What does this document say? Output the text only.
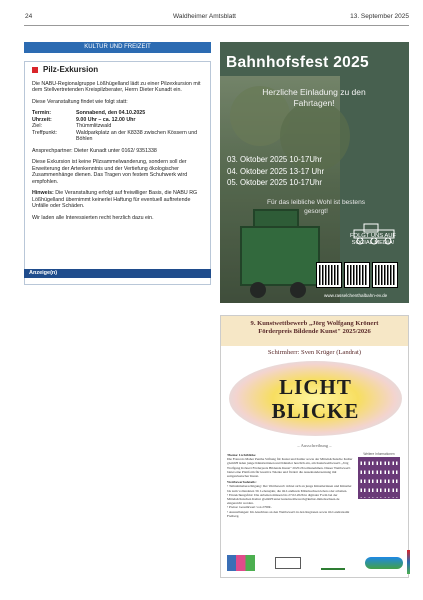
24	Waldheimer Amtsblatt	13. September 2025
KULTUR UND FREIZEIT
Pilz-Exkursion

Die NABU-Regionalgruppe Lößhügelland lädt zu einer Pilzexkursion mit dem Stellvertretenden Kreispilzberater, Herrn Dieter Kunadt ein.

Diese Veranstaltung findet wie folgt statt:

Termin:	Sonnabend, den 04.10.2025
Uhrzeit:	9.00 Uhr – ca. 12.00 Uhr
Ziel:	Thümmlitzwald
Treffpunkt:	Waldparkplatz an der K8338 zwischen Kössern und Böhlen

Ansprechpartner: Dieter Kunadt unter 0162/ 9351338

Diese Exkursion ist keine Pilzsammelwanderung, sondern soll der Erweiterung der Artenkenntnis und der Vertiefung ökologischer Zusammenhänge dienen. Das Tragen von festem Schuhwerk wird empfohlen.

Hinweis: Die Veranstaltung erfolgt auf freiwilliger Basis, die NABU RG Lößhügelland übernimmt keinerlei Haftung für eventuell auftretende Unfälle oder Schäden.

Wir laden alle Interessierten recht herzlich dazu ein.

Anzeige(n)
Bahnhofsfest 2025
Herzliche Einladung zu den Fahrtagen!
03. Oktober 2025 10-17Uhr
04. Oktober 2025 13-17 Uhr
05. Oktober 2025 10-17Uhr
Für das leibliche Wohl ist bestens gesorgt!
FOLGT UNS AUF SOCIAL MEDIA!
www.rasselchenthalbahn-ev.de
9. Kunstwettbewerb „Jörg Wolfgang Krönert
Förderpreis Bildende Kunst" 2025/2026
Schirmherr: Sven Krüger (Landrat)
LICHT
BLICKE
– Ausschreibung –
Thema: Lichtblicke
Die Francois Maher Penthe Stiftung für Kunst und Kultur sowie der Mittelsächsische Kultur gGmbH laden junge Künstlerinnen und Künstler herzlich ein, am Kunstwettbewerb „Jörg Wolfgang Krönert Förderpreis Bildende Kunst" 2025/26 teilzunehmen. Dieser Wettbewerb bietet eine Plattform für kreative Talente und fördert die Auseinandersetzung mit zeitgenössischer Kunst.
Wettbewerbsdetails:
• Teilnahmeberechtigung: Der Wettbewerb richtet sich an junge Künstlerinnen und Künstler bis zum vollendeten 30. Lebensjahr, die im Landkreis Mittelsachsen leben oder arbeiten.
• Einreichungsfrist: Die Arbeiten müssen bis 27.02.2026 in digitaler Form bei der Mittelsächsischen Kultur gGmbH unter kunstwettbewerb@kultur-mittelsachsen.de eingereicht werden.
• Preise: Gesamtwert von 2700€.
• Ausstellungen: Im Anschluss an den Wettbewerb in den Regionen sowie im Landratsamt Freiberg.
Weitere Informationen
